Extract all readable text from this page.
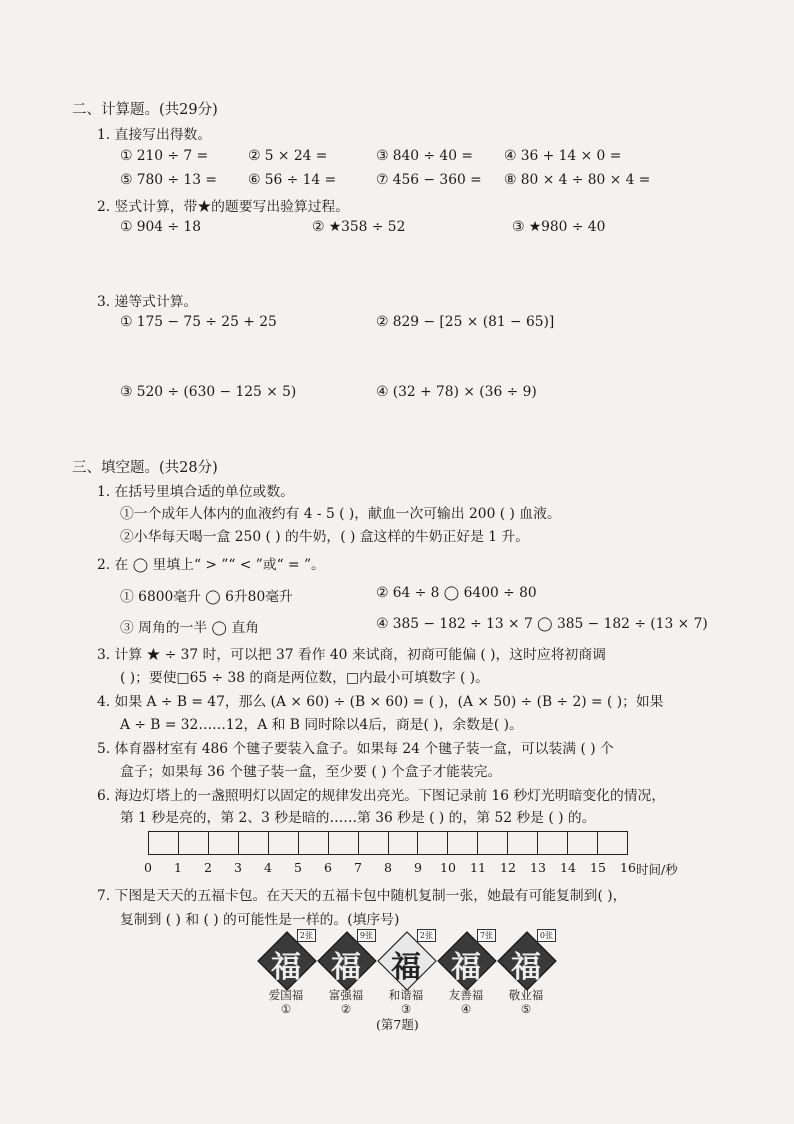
二、计算题。(共29分)
1. 直接写出得数。
① 210 ÷ 7 =	② 5 × 24 =	③ 840 ÷ 40 = ④ 36 + 14 × 0 =
⑤ 780 ÷ 13 = ⑥ 56 ÷ 14 =	⑦ 456 − 360 = ⑧ 80 × 4 ÷ 80 × 4 =
2. 竖式计算，带★的题要写出验算过程。
① 904 ÷ 18	② ★358 ÷ 52	③ ★980 ÷ 40
3. 递等式计算。
① 175 − 75 ÷ 25 + 25	② 829 − [25 × (81 − 65)]
③ 520 ÷ (630 − 125 × 5)	④ (32 + 78) × (36 ÷ 9)
三、填空题。(共28分)
1. 在括号里填合适的单位或数。
①一个成年人体内的血液约有 4 - 5 ( )，献血一次可输出 200 ( ) 血液。
②小华每天喝一盒 250 ( ) 的牛奶，( ) 盒这样的牛奶正好是 1 升。
2. 在 ◯ 里填上“ > ”“ < ”或“ = ”。
① 6800毫升 ◯ 6升80毫升	② 64 ÷ 8 ◯ 6400 ÷ 80
③ 周角的一半 ◯ 直角	④ 385 − 182 ÷ 13 × 7 ◯ 385 − 182 ÷ (13 × 7)
3. 计算 ★ ÷ 37 时，可以把 37 看作 40 来试商，初商可能偏 ( )，这时应将初商调
( )；要使□65 ÷ 38 的商是两位数，□内最小可填数字 ( )。
4. 如果 A ÷ B = 47，那么 (A × 60) ÷ (B × 60) = ( )，(A × 50) ÷ (B ÷ 2) = ( )；如果
A ÷ B = 32……12，A 和 B 同时除以4后，商是( )，余数是( )。
5. 体育器材室有 486 个毽子要装入盒子。如果每 24 个毽子装一盒，可以装满 ( ) 个
盒子；如果每 36 个毽子装一盒，至少要 ( ) 个盒子才能装完。
6. 海边灯塔上的一盏照明灯以固定的规律发出亮光。下图记录前 16 秒灯光明暗变化的情况，
第 1 秒是亮的，第 2、3 秒是暗的……第 36 秒是 ( ) 的，第 52 秒是 ( ) 的。
0 1 2 3 4 5 6 7 8 9 10 11 12 13 14 15 16 时间/秒
7. 下图是天天的五福卡包。在天天的五福卡包中随机复制一张，她最有可能复制到( )，
复制到 ( ) 和 ( ) 的可能性是一样的。(填序号)
福
2张
爱国福
①
福
9张
富强福
②
福
2张
和谐福
③
福
7张
友善福
④
福
0张
敬业福
⑤
(第7题)
